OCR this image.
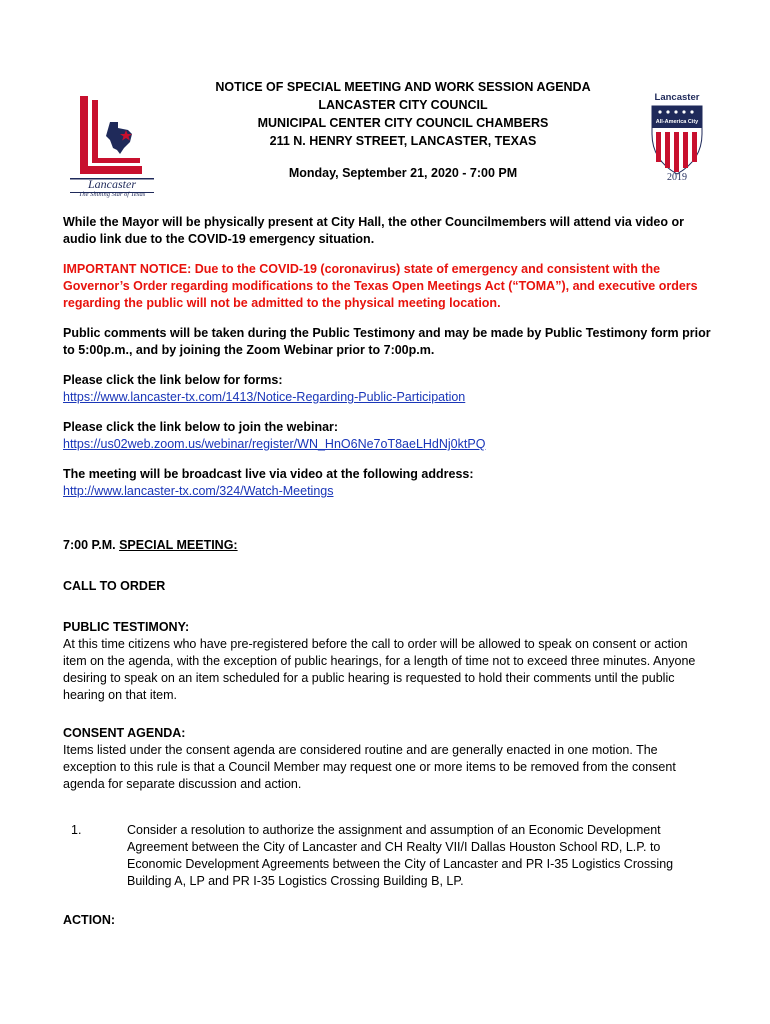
Lancaster
The Shining Star of Texas
Lancaster
All-America City
2019
NOTICE OF SPECIAL MEETING AND WORK SESSION AGENDA
LANCASTER CITY COUNCIL
MUNICIPAL CENTER CITY COUNCIL CHAMBERS
211 N. HENRY STREET, LANCASTER, TEXAS
Monday, September 21, 2020 - 7:00 PM

While the Mayor will be physically present at City Hall, the other Councilmembers will attend via video or audio link due to the COVID-19 emergency situation.

IMPORTANT NOTICE: Due to the COVID-19 (coronavirus) state of emergency and consistent with the Governor’s Order regarding modifications to the Texas Open Meetings Act (“TOMA”), and executive orders regarding the public will not be admitted to the physical meeting location.

Public comments will be taken during the Public Testimony and may be made by Public Testimony form prior to 5:00p.m., and by joining the Zoom Webinar prior to 7:00p.m.

Please click the link below for forms:
https://www.lancaster-tx.com/1413/Notice-Regarding-Public-Participation
Please click the link below to join the webinar:
https://us02web.zoom.us/webinar/register/WN_HnO6Ne7oT8aeLHdNj0ktPQ
The meeting will be broadcast live via video at the following address:
http://www.lancaster-tx.com/324/Watch-Meetings
7:00 P.M. SPECIAL MEETING:
CALL TO ORDER
PUBLIC TESTIMONY:
At this time citizens who have pre-registered before the call to order will be allowed to speak on consent or action item on the agenda, with the exception of public hearings, for a length of time not to exceed three minutes. Anyone desiring to speak on an item scheduled for a public hearing is requested to hold their comments until the public hearing on that item.
CONSENT AGENDA:
Items listed under the consent agenda are considered routine and are generally enacted in one motion. The exception to this rule is that a Council Member may request one or more items to be removed from the consent agenda for separate discussion and action.
1.	Consider a resolution to authorize the assignment and assumption of an Economic Development Agreement between the City of Lancaster and CH Realty VII/I Dallas Houston School RD, L.P. to Economic Development Agreements between the City of Lancaster and PR I-35 Logistics Crossing Building A, LP and PR I-35 Logistics Crossing Building B, LP.
ACTION:
